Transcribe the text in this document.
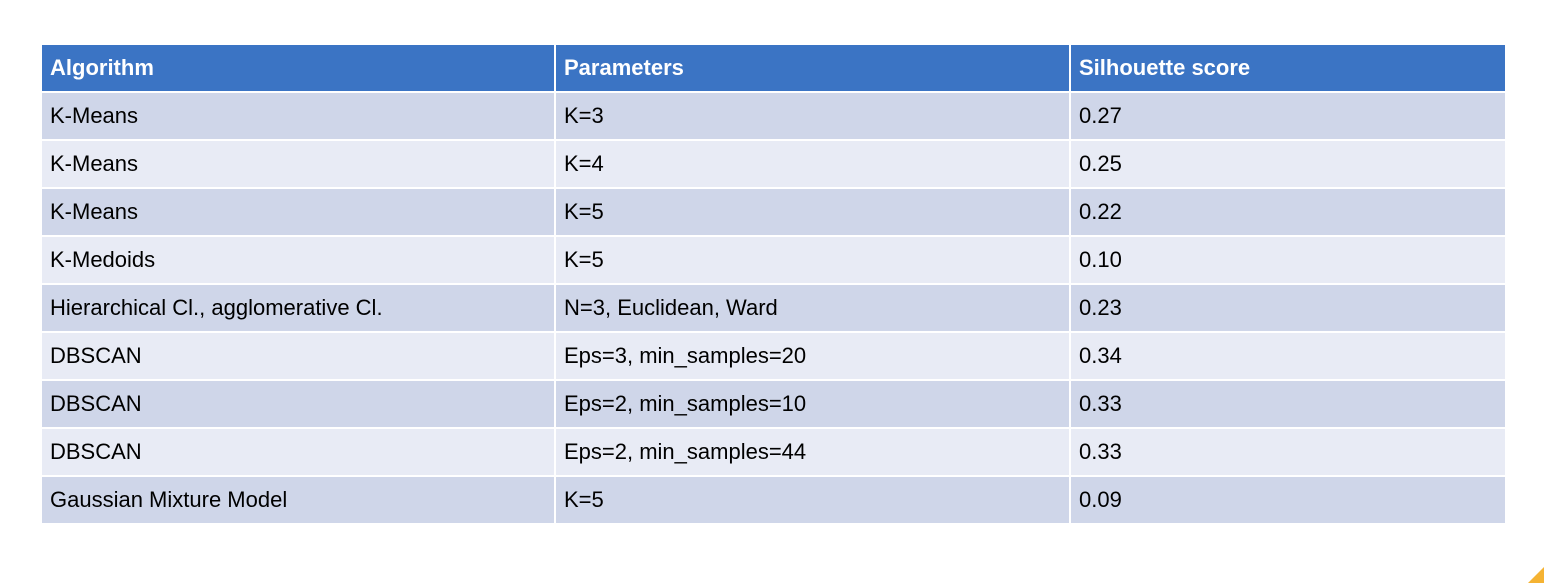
Algorithm	Parameters	Silhouette score
K-Means	K=3	0.27
K-Means	K=4	0.25
K-Means	K=5	0.22
K-Medoids	K=5	0.10
Hierarchical Cl., agglomerative Cl.	N=3, Euclidean, Ward	0.23
DBSCAN	Eps=3, min_samples=20	0.34
DBSCAN	Eps=2, min_samples=10	0.33
DBSCAN	Eps=2, min_samples=44	0.33
Gaussian Mixture Model	K=5	0.09
